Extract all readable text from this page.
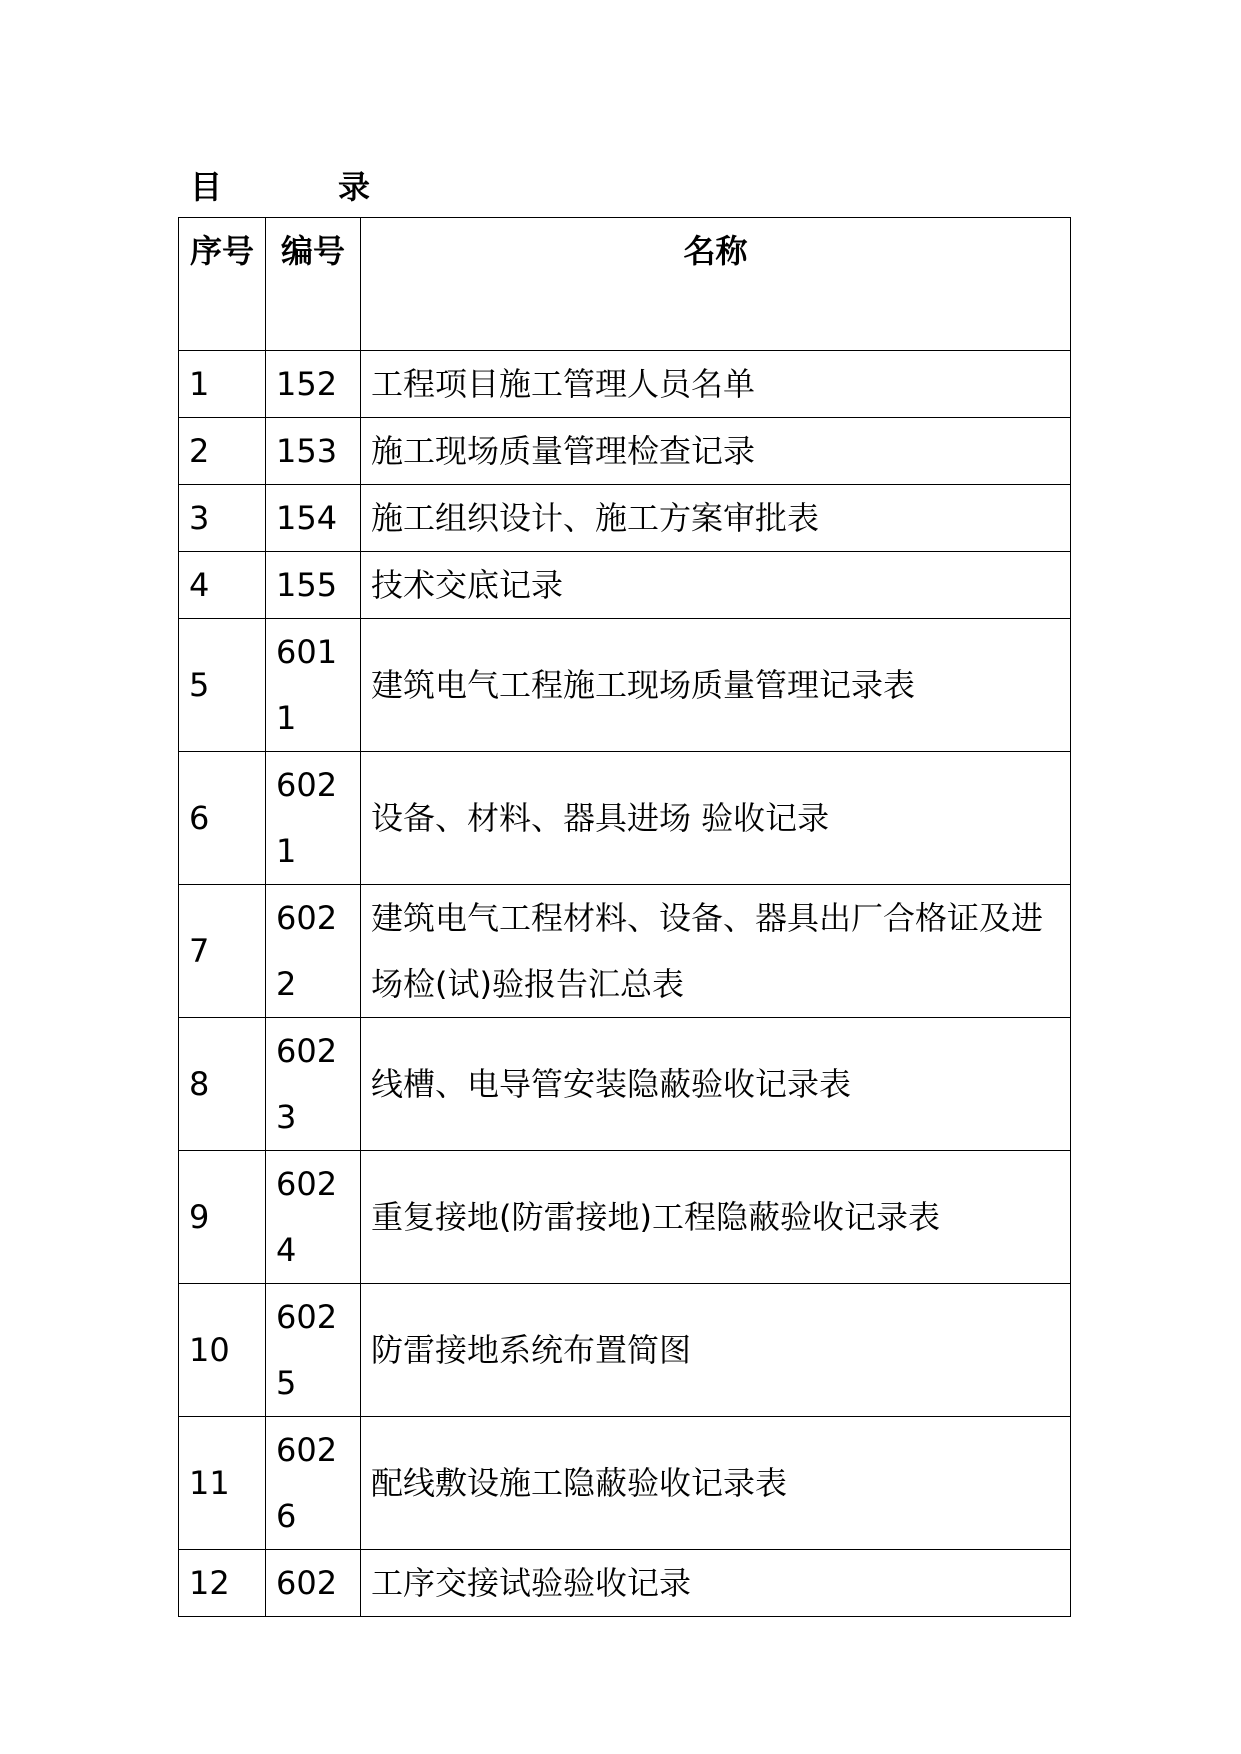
目	录
序号	编号	名称

1	152	工程项目施工管理人员名单

2	153	施工现场质量管理检查记录

3	154	施工组织设计、施工方案审批表

4	155	技术交底记录

5	6011	建筑电气工程施工现场质量管理记录表

6	6021	设备、材料、器具进场 验收记录

7	6022	建筑电气工程材料、设备、器具出厂合格证及进场检(试)验报告汇总表

8	6023	线槽、电导管安装隐蔽验收记录表

9	6024	重复接地(防雷接地)工程隐蔽验收记录表

10	6025	防雷接地系统布置简图

11	6026	配线敷设施工隐蔽验收记录表

12	602	工序交接试验验收记录
